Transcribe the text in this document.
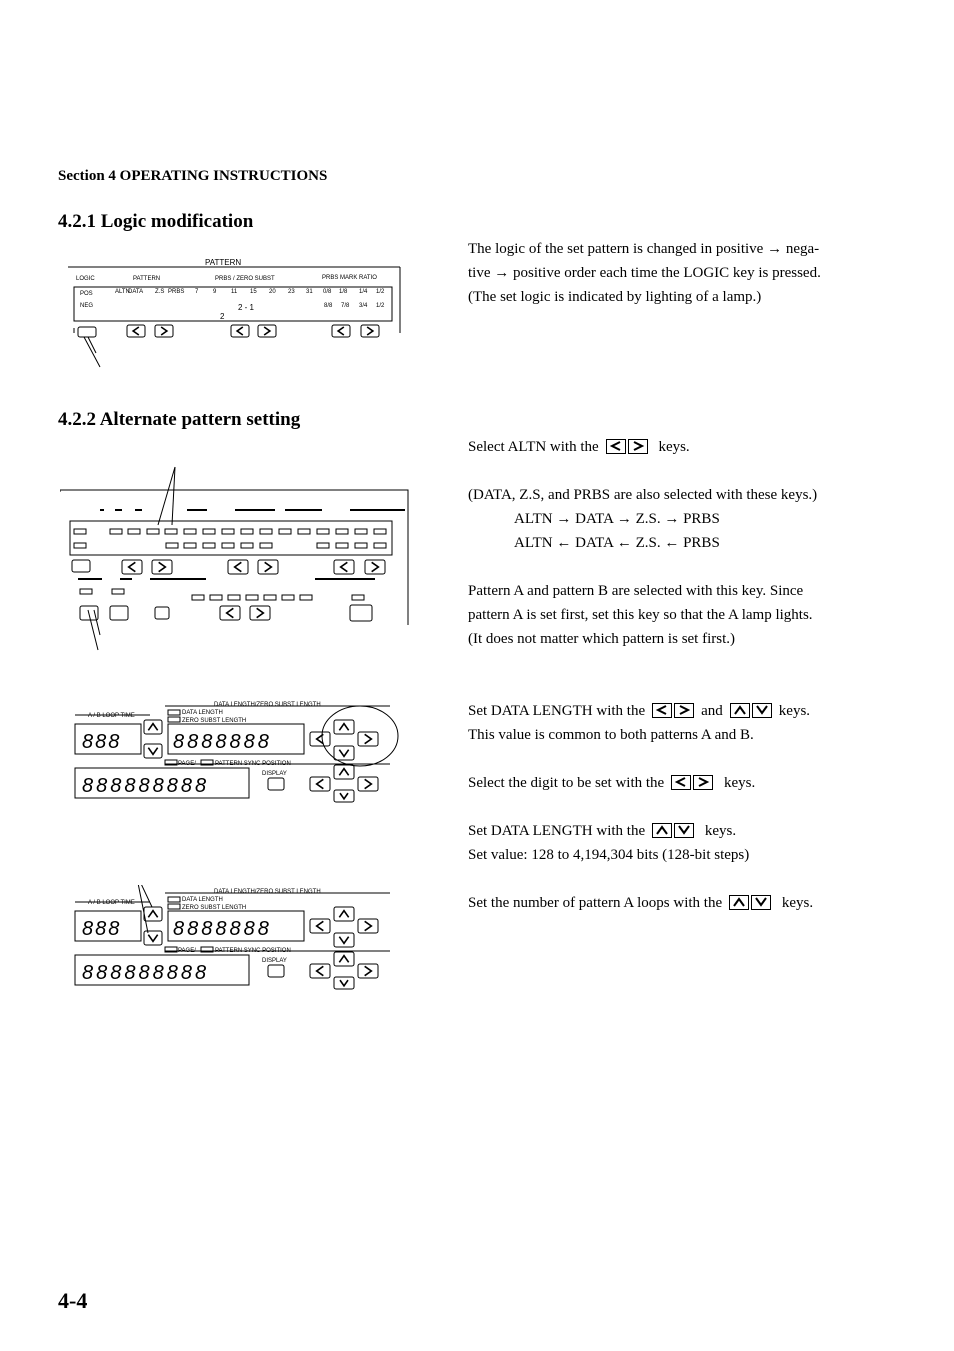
Section 4 OPERATING INSTRUCTIONS
4.2.1 Logic modification
The logic of the set pattern is changed in positive → nega-
tive → positive order each time the LOGIC key is pressed.
(The set logic is indicated by lighting of a lamp.)
PATTERN
LOGIC	PATTERN	PRBS / ZERO SUBST	PRBS MARK RATIO
POS
NEG
ALTN
DATA Z.S PRBS 7 9 11 15 20 23 31 0/8 1/8 1/4 1/2
8/8 7/8 3/4 1/2
2 - 1
2
4.2.2 Alternate pattern setting
Select ALTN with the	keys.
(DATA, Z.S, and PRBS are also selected with these keys.)
ALTN → DATA → Z.S. → PRBS
ALTN ← DATA ← Z.S. ← PRBS
Pattern A and pattern B are selected with this key. Since
pattern A is set first, set this key so that the A lamp lights.
(It does not matter which pattern is set first.)
Set DATA LENGTH with the	and	keys.
This value is common to both patterns A and B.
Select the digit to be set with the	keys.
Set DATA LENGTH with the	keys.
Set value: 128 to 4,194,304 bits (128-bit steps)
Set the number of pattern A loops with the	keys.
DATA LENGTH/ZERO SUBST LENGTH
A / B LOOP TIME	DATA LENGTH
ZERO SUBST LENGTH
888	8888888
PAGE/	PATTERN SYNC POSITION
DISPLAY
888888888
DATA LENGTH/ZERO SUBST LENGTH
A / B LOOP TIME	DATA LENGTH
ZERO SUBST LENGTH
888	8888888
PAGE/	PATTERN SYNC POSITION
DISPLAY
888888888
4-4
